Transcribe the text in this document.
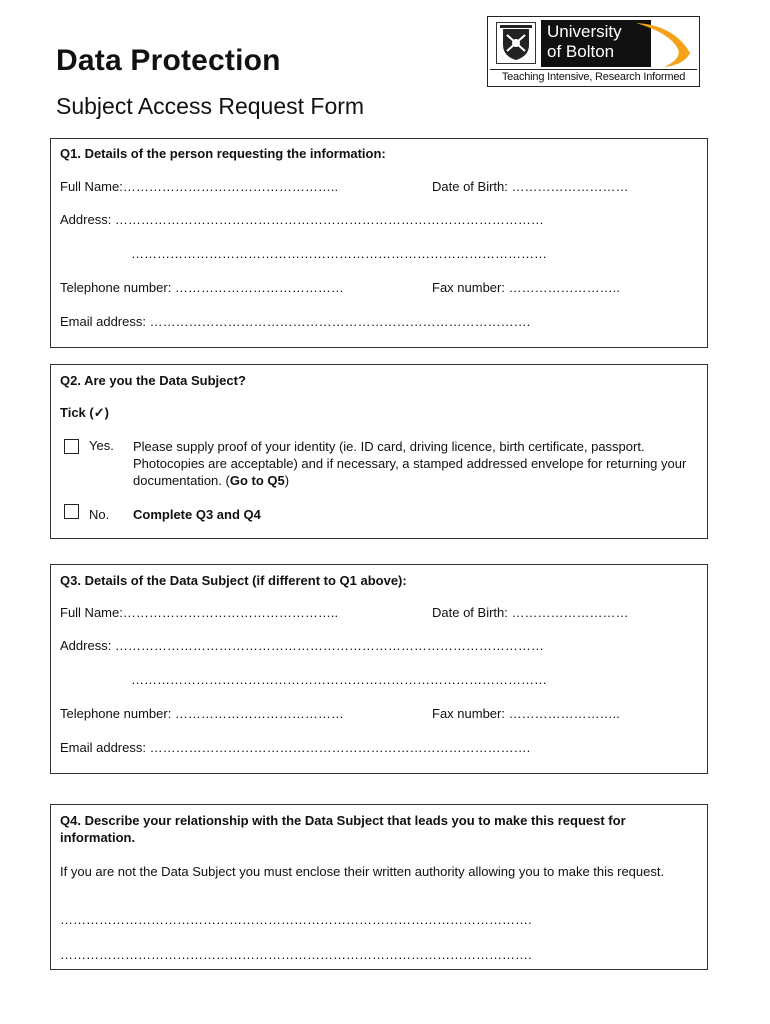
Data Protection
Subject Access Request Form
University
of Bolton
Teaching Intensive, Research Informed
Q1. Details of the person requesting the information:
Full Name:…………………………………………..	Date of Birth: ………………………
Address: ………………………………………………………………………………………
……………………………………………………………………………………
Telephone number: …………………………………	Fax number: ……………………..
Email address: …………………………………………………………………………….
Q2. Are you the Data Subject?
Tick (✓)
Yes. Please supply proof of your identity (ie. ID card, driving licence, birth certificate, passport. Photocopies are acceptable) and if necessary, a stamped addressed envelope for returning your documentation. (Go to Q5)
No. Complete Q3 and Q4
Q3. Details of the Data Subject (if different to Q1 above):
Full Name:…………………………………………..	Date of Birth: ………………………
Address: ………………………………………………………………………………………
……………………………………………………………………………………
Telephone number: …………………………………	Fax number: ……………………..
Email address: …………………………………………………………………………….
Q4. Describe your relationship with the Data Subject that leads you to make this request for information.
If you are not the Data Subject you must enclose their written authority allowing you to make this request.
……………………………………………………………………………………………….
……………………………………………………………………………………………….
